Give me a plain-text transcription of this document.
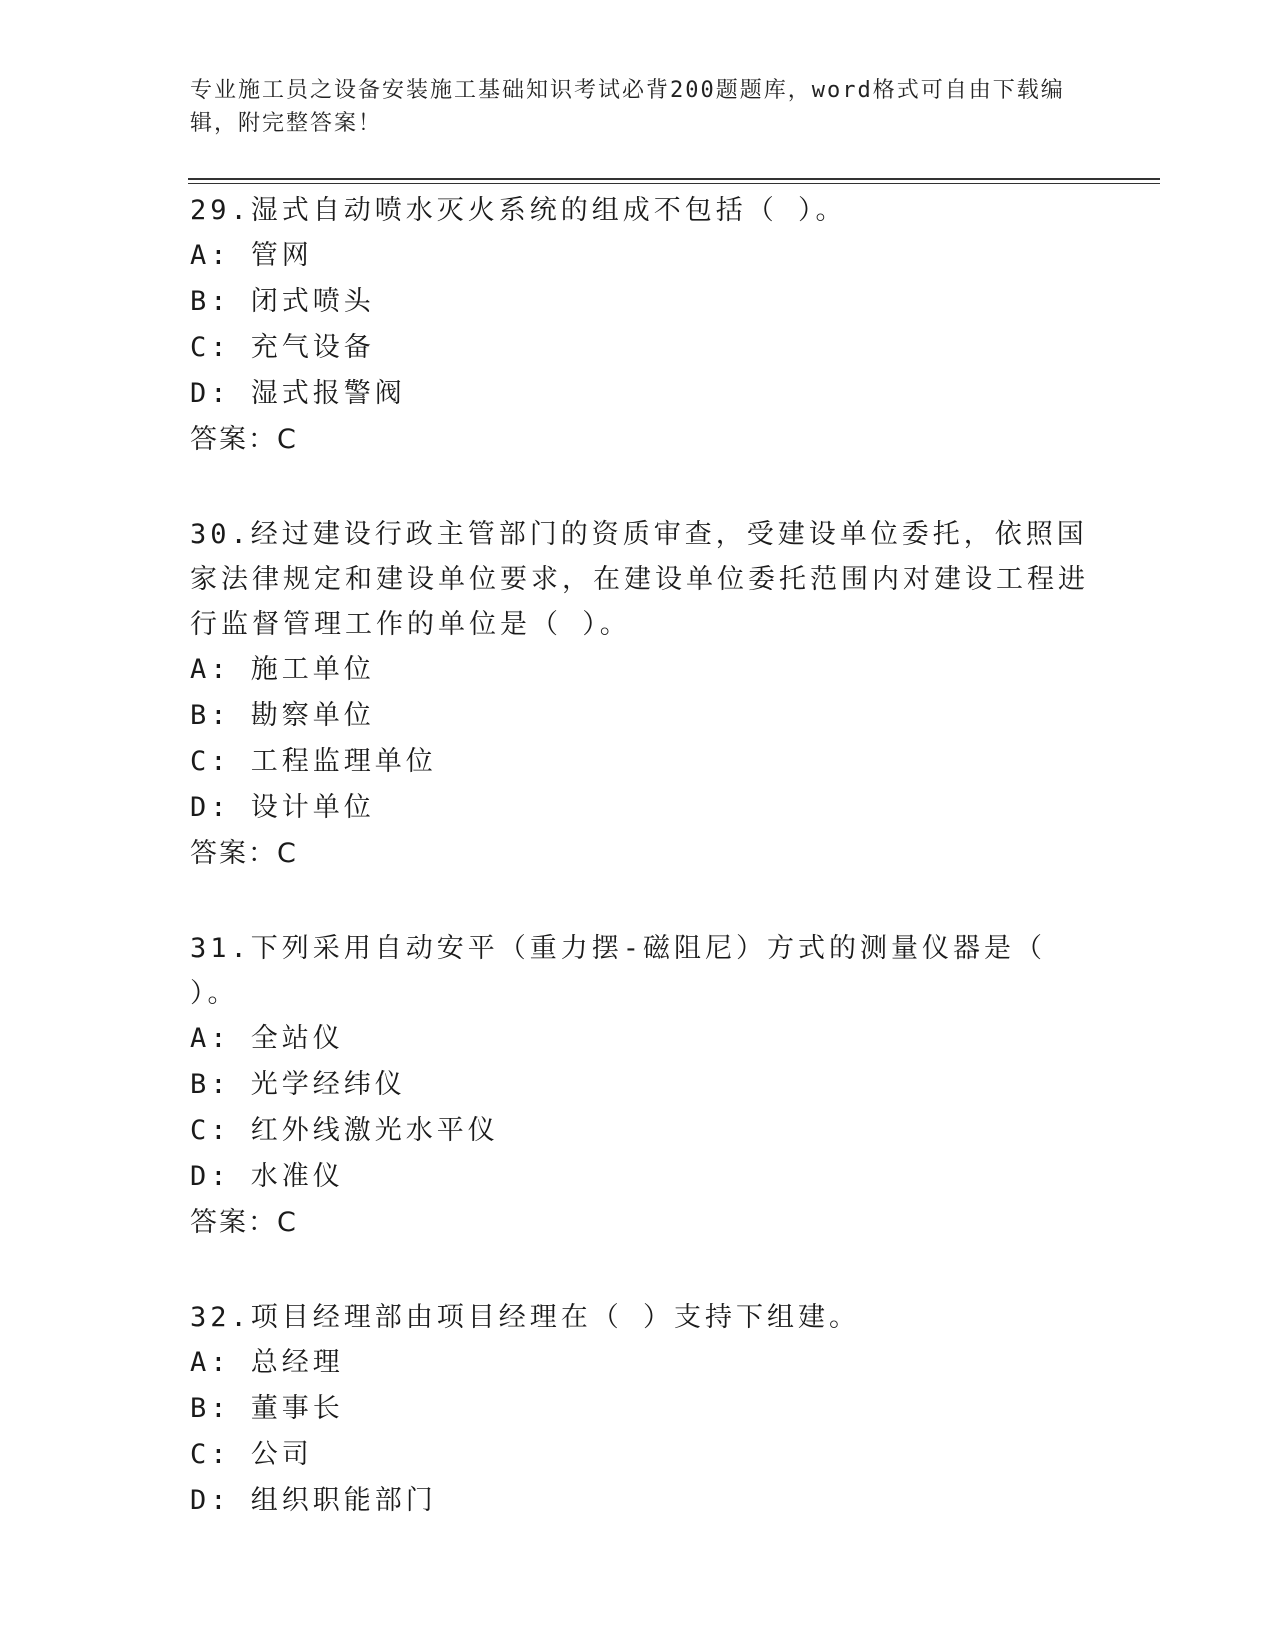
专业施工员之设备安装施工基础知识考试必背200题题库，word格式可自由下载编辑，附完整答案！
29.湿式自动喷水灭火系统的组成不包括（ ）。
A: 管网
B: 闭式喷头
C: 充气设备
D: 湿式报警阀
答案：C
30.经过建设行政主管部门的资质审查，受建设单位委托，依照国家法律规定和建设单位要求，在建设单位委托范围内对建设工程进行监督管理工作的单位是（ ）。
A: 施工单位
B: 勘察单位
C: 工程监理单位
D: 设计单位
答案：C
31.下列采用自动安平（重力摆-磁阻尼）方式的测量仪器是（ ）。
A: 全站仪
B: 光学经纬仪
C: 红外线激光水平仪
D: 水准仪
答案：C
32.项目经理部由项目经理在（ ）支持下组建。
A: 总经理
B: 董事长
C: 公司
D: 组织职能部门
